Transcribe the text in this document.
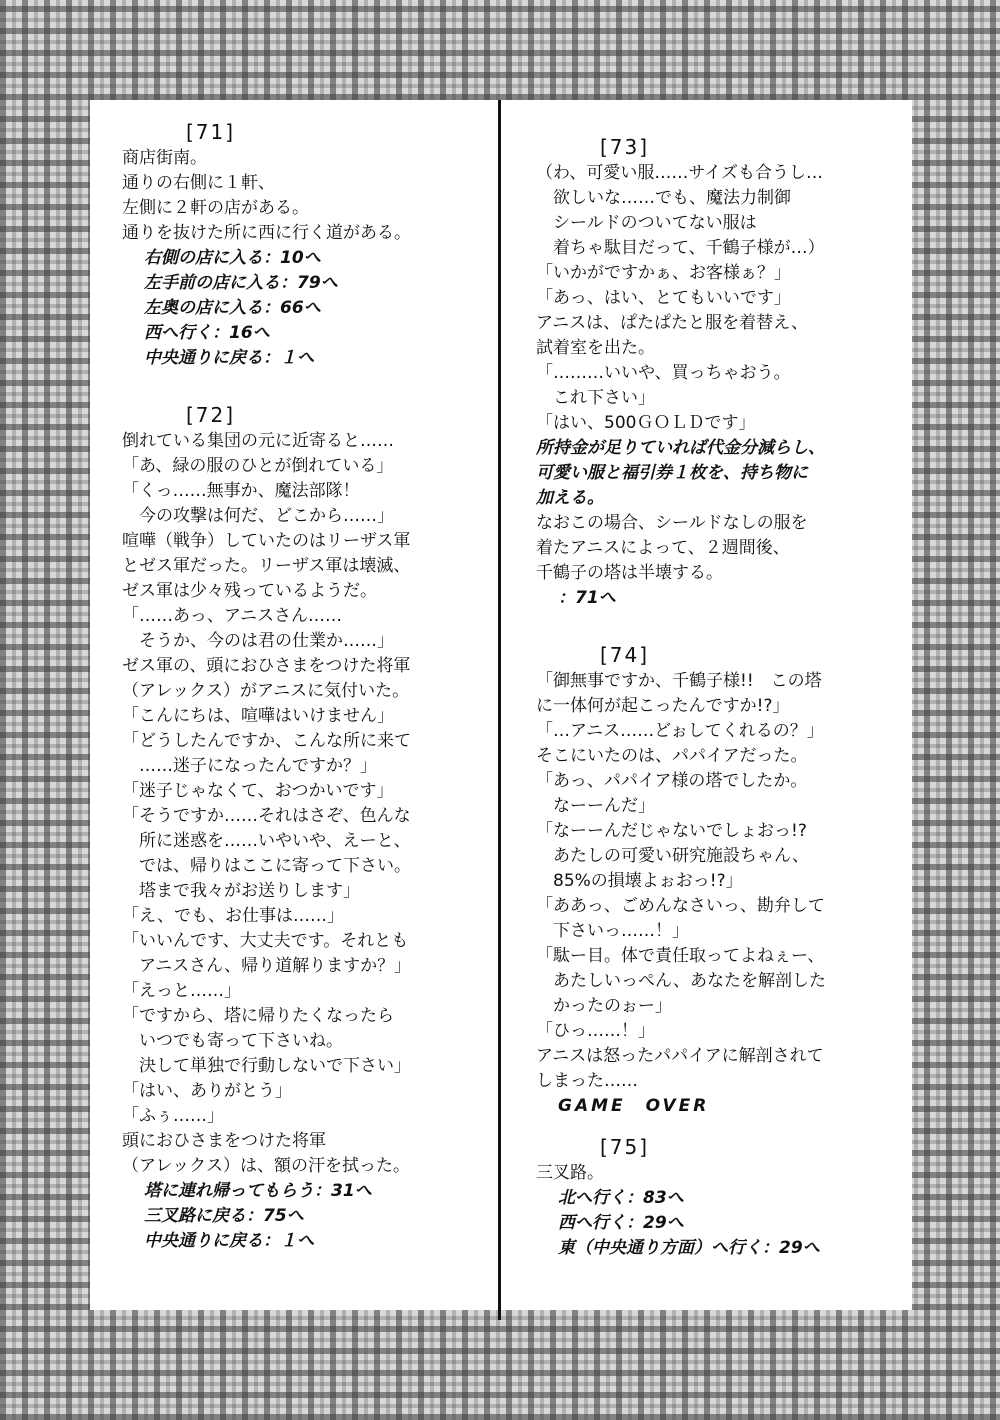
[71]
商店街南。
通りの右側に１軒、
左側に２軒の店がある。
通りを抜けた所に西に行く道がある。
右側の店に入る：10へ
左手前の店に入る：79へ
左奥の店に入る：66へ
西へ行く：16へ
中央通りに戻る：１へ
[72]
倒れている集団の元に近寄ると……
「あ、緑の服のひとが倒れている」
「くっ……無事か、魔法部隊！
　今の攻撃は何だ、どこから……」
喧嘩（戦争）していたのはリーザス軍
とゼス軍だった。リーザス軍は壊滅、
ゼス軍は少々残っているようだ。
「……あっ、アニスさん……
　そうか、今のは君の仕業か……」
ゼス軍の、頭におひさまをつけた将軍
（アレックス）がアニスに気付いた。
「こんにちは、喧嘩はいけません」
「どうしたんですか、こんな所に来て
　……迷子になったんですか？」
「迷子じゃなくて、おつかいです」
「そうですか……それはさぞ、色んな
　所に迷惑を……いやいや、えーと、
　では、帰りはここに寄って下さい。
　塔まで我々がお送りします」
「え、でも、お仕事は……」
「いいんです、大丈夫です。それとも
　アニスさん、帰り道解りますか？」
「えっと……」
「ですから、塔に帰りたくなったら
　いつでも寄って下さいね。
　決して単独で行動しないで下さい」
「はい、ありがとう」
「ふぅ……」
頭におひさまをつけた将軍
（アレックス）は、額の汗を拭った。
塔に連れ帰ってもらう：31へ
三叉路に戻る：75へ
中央通りに戻る：１へ
[73]
（わ、可愛い服……サイズも合うし…
　欲しいな……でも、魔法力制御
　シールドのついてない服は
　着ちゃ駄目だって、千鶴子様が…）
「いかがですかぁ、お客様ぁ？」
「あっ、はい、とてもいいです」
アニスは、ぱたぱたと服を着替え、
試着室を出た。
「………いいや、買っちゃおう。
　これ下さい」
「はい、500ＧＯＬＤです」
所持金が足りていれば代金分減らし、
可愛い服と福引券１枚を、持ち物に
加える。
なおこの場合、シールドなしの服を
着たアニスによって、２週間後、
千鶴子の塔は半壊する。
：71へ
[74]
「御無事ですか、千鶴子様!!　この塔
に一体何が起こったんですか!?」
「…アニス……どぉしてくれるの？」
そこにいたのは、パパイアだった。
「あっ、パパイア様の塔でしたか。
　なーーんだ」
「なーーんだじゃないでしょおっ!?
　あたしの可愛い研究施設ちゃん、
　85%の損壊よぉおっ!?」
「ああっ、ごめんなさいっ、勘弁して
　下さいっ……！」
「駄ー目。体で責任取ってよねぇー、
　あたしいっぺん、あなたを解剖した
　かったのぉー」
「ひっ……！」
アニスは怒ったパパイアに解剖されて
しまった……
GAME　OVER
[75]
三叉路。
北へ行く：83へ
西へ行く：29へ
東（中央通り方面）へ行く：29へ
